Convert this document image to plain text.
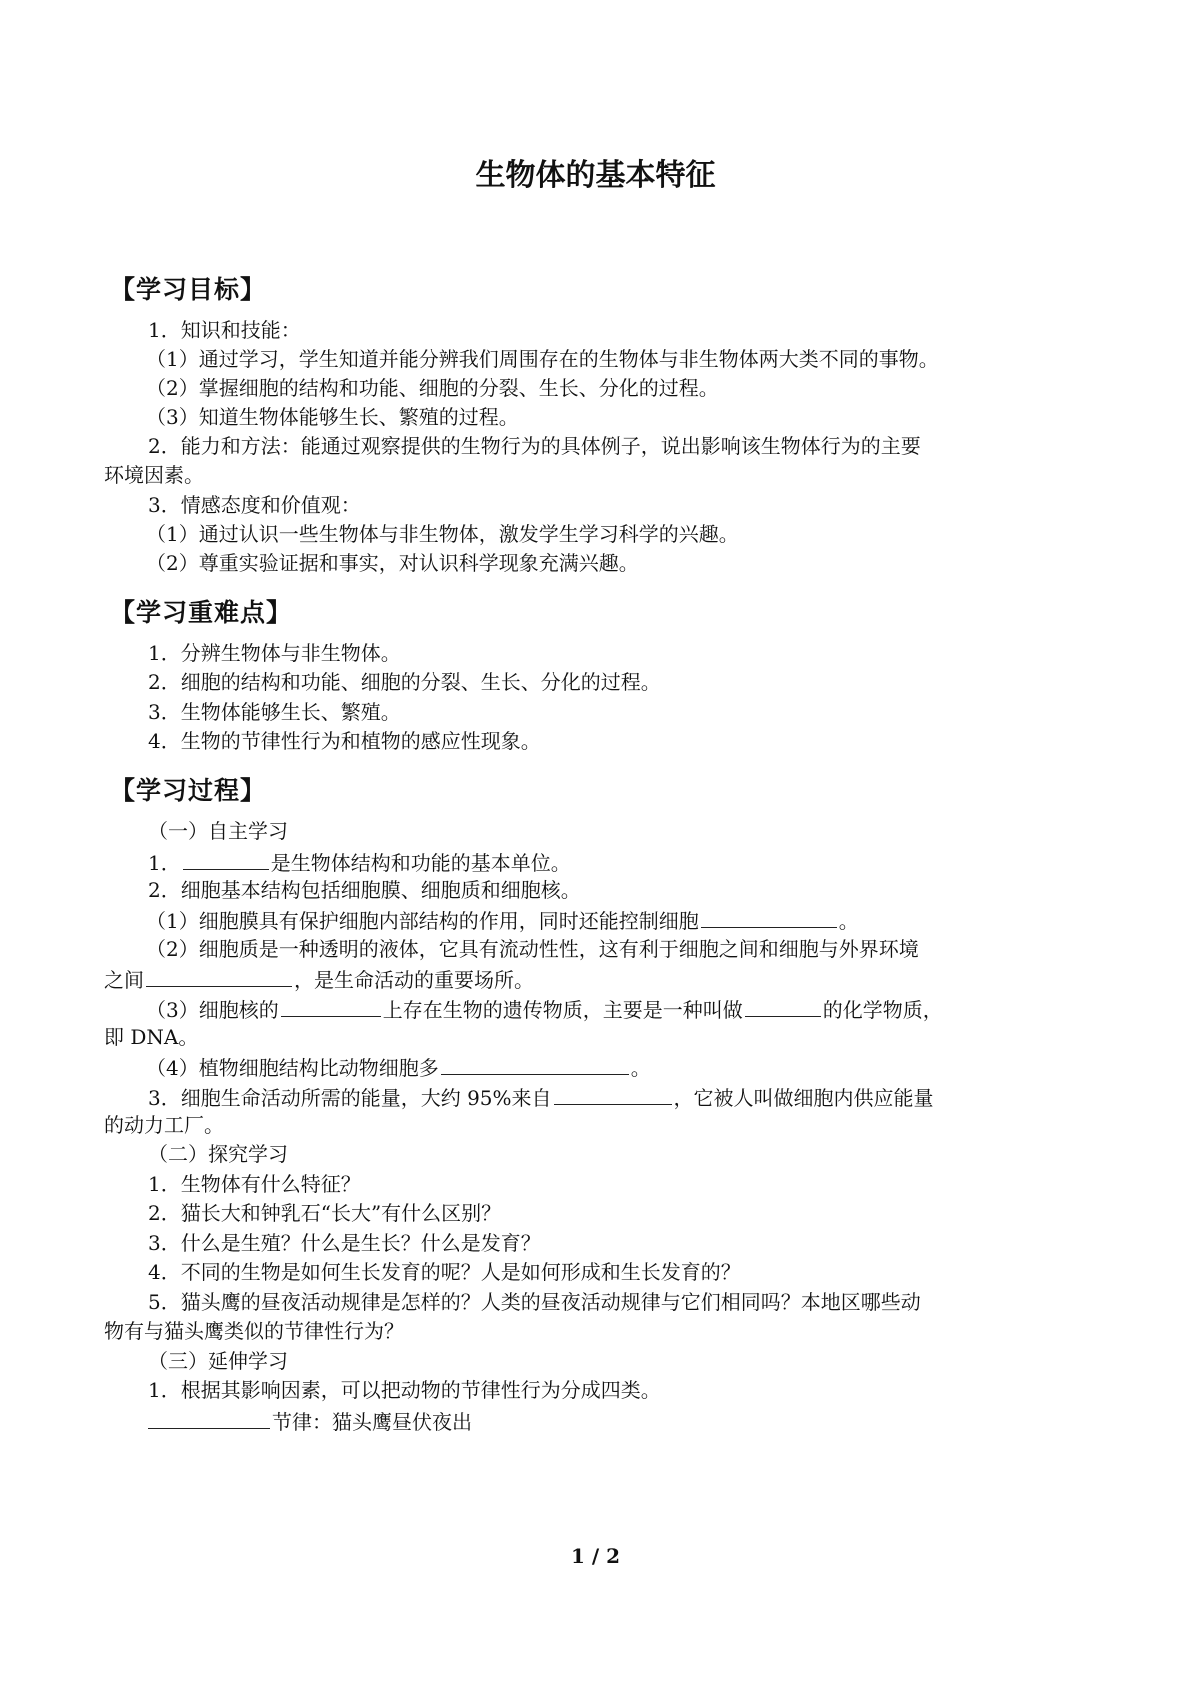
生物体的基本特征
【学习目标】
1．知识和技能：
（1）通过学习，学生知道并能分辨我们周围存在的生物体与非生物体两大类不同的事物。
（2）掌握细胞的结构和功能、细胞的分裂、生长、分化的过程。
（3）知道生物体能够生长、繁殖的过程。
2．能力和方法：能通过观察提供的生物行为的具体例子，说出影响该生物体行为的主要
环境因素。
3．情感态度和价值观：
（1）通过认识一些生物体与非生物体，激发学生学习科学的兴趣。
（2）尊重实验证据和事实，对认识科学现象充满兴趣。
【学习重难点】
1．分辨生物体与非生物体。
2．细胞的结构和功能、细胞的分裂、生长、分化的过程。
3．生物体能够生长、繁殖。
4．生物的节律性行为和植物的感应性现象。
【学习过程】
（一）自主学习
1．	是生物体结构和功能的基本单位。
2．细胞基本结构包括细胞膜、细胞质和细胞核。
（1）细胞膜具有保护细胞内部结构的作用，同时还能控制细胞	。
（2）细胞质是一种透明的液体，它具有流动性性，这有利于细胞之间和细胞与外界环境
之间	，是生命活动的重要场所。
（3）细胞核的	上存在生物的遗传物质，主要是一种叫做	的化学物质，
即 DNA。
（4）植物细胞结构比动物细胞多	。
3．细胞生命活动所需的能量，大约 95%来自	，它被人叫做细胞内供应能量
的动力工厂。
（二）探究学习
1．生物体有什么特征？
2．猫长大和钟乳石“长大”有什么区别？
3．什么是生殖？什么是生长？什么是发育？
4．不同的生物是如何生长发育的呢？人是如何形成和生长发育的？
5．猫头鹰的昼夜活动规律是怎样的？人类的昼夜活动规律与它们相同吗？本地区哪些动
物有与猫头鹰类似的节律性行为？
（三）延伸学习
1．根据其影响因素，可以把动物的节律性行为分成四类。
节律：猫头鹰昼伏夜出
1 / 2
